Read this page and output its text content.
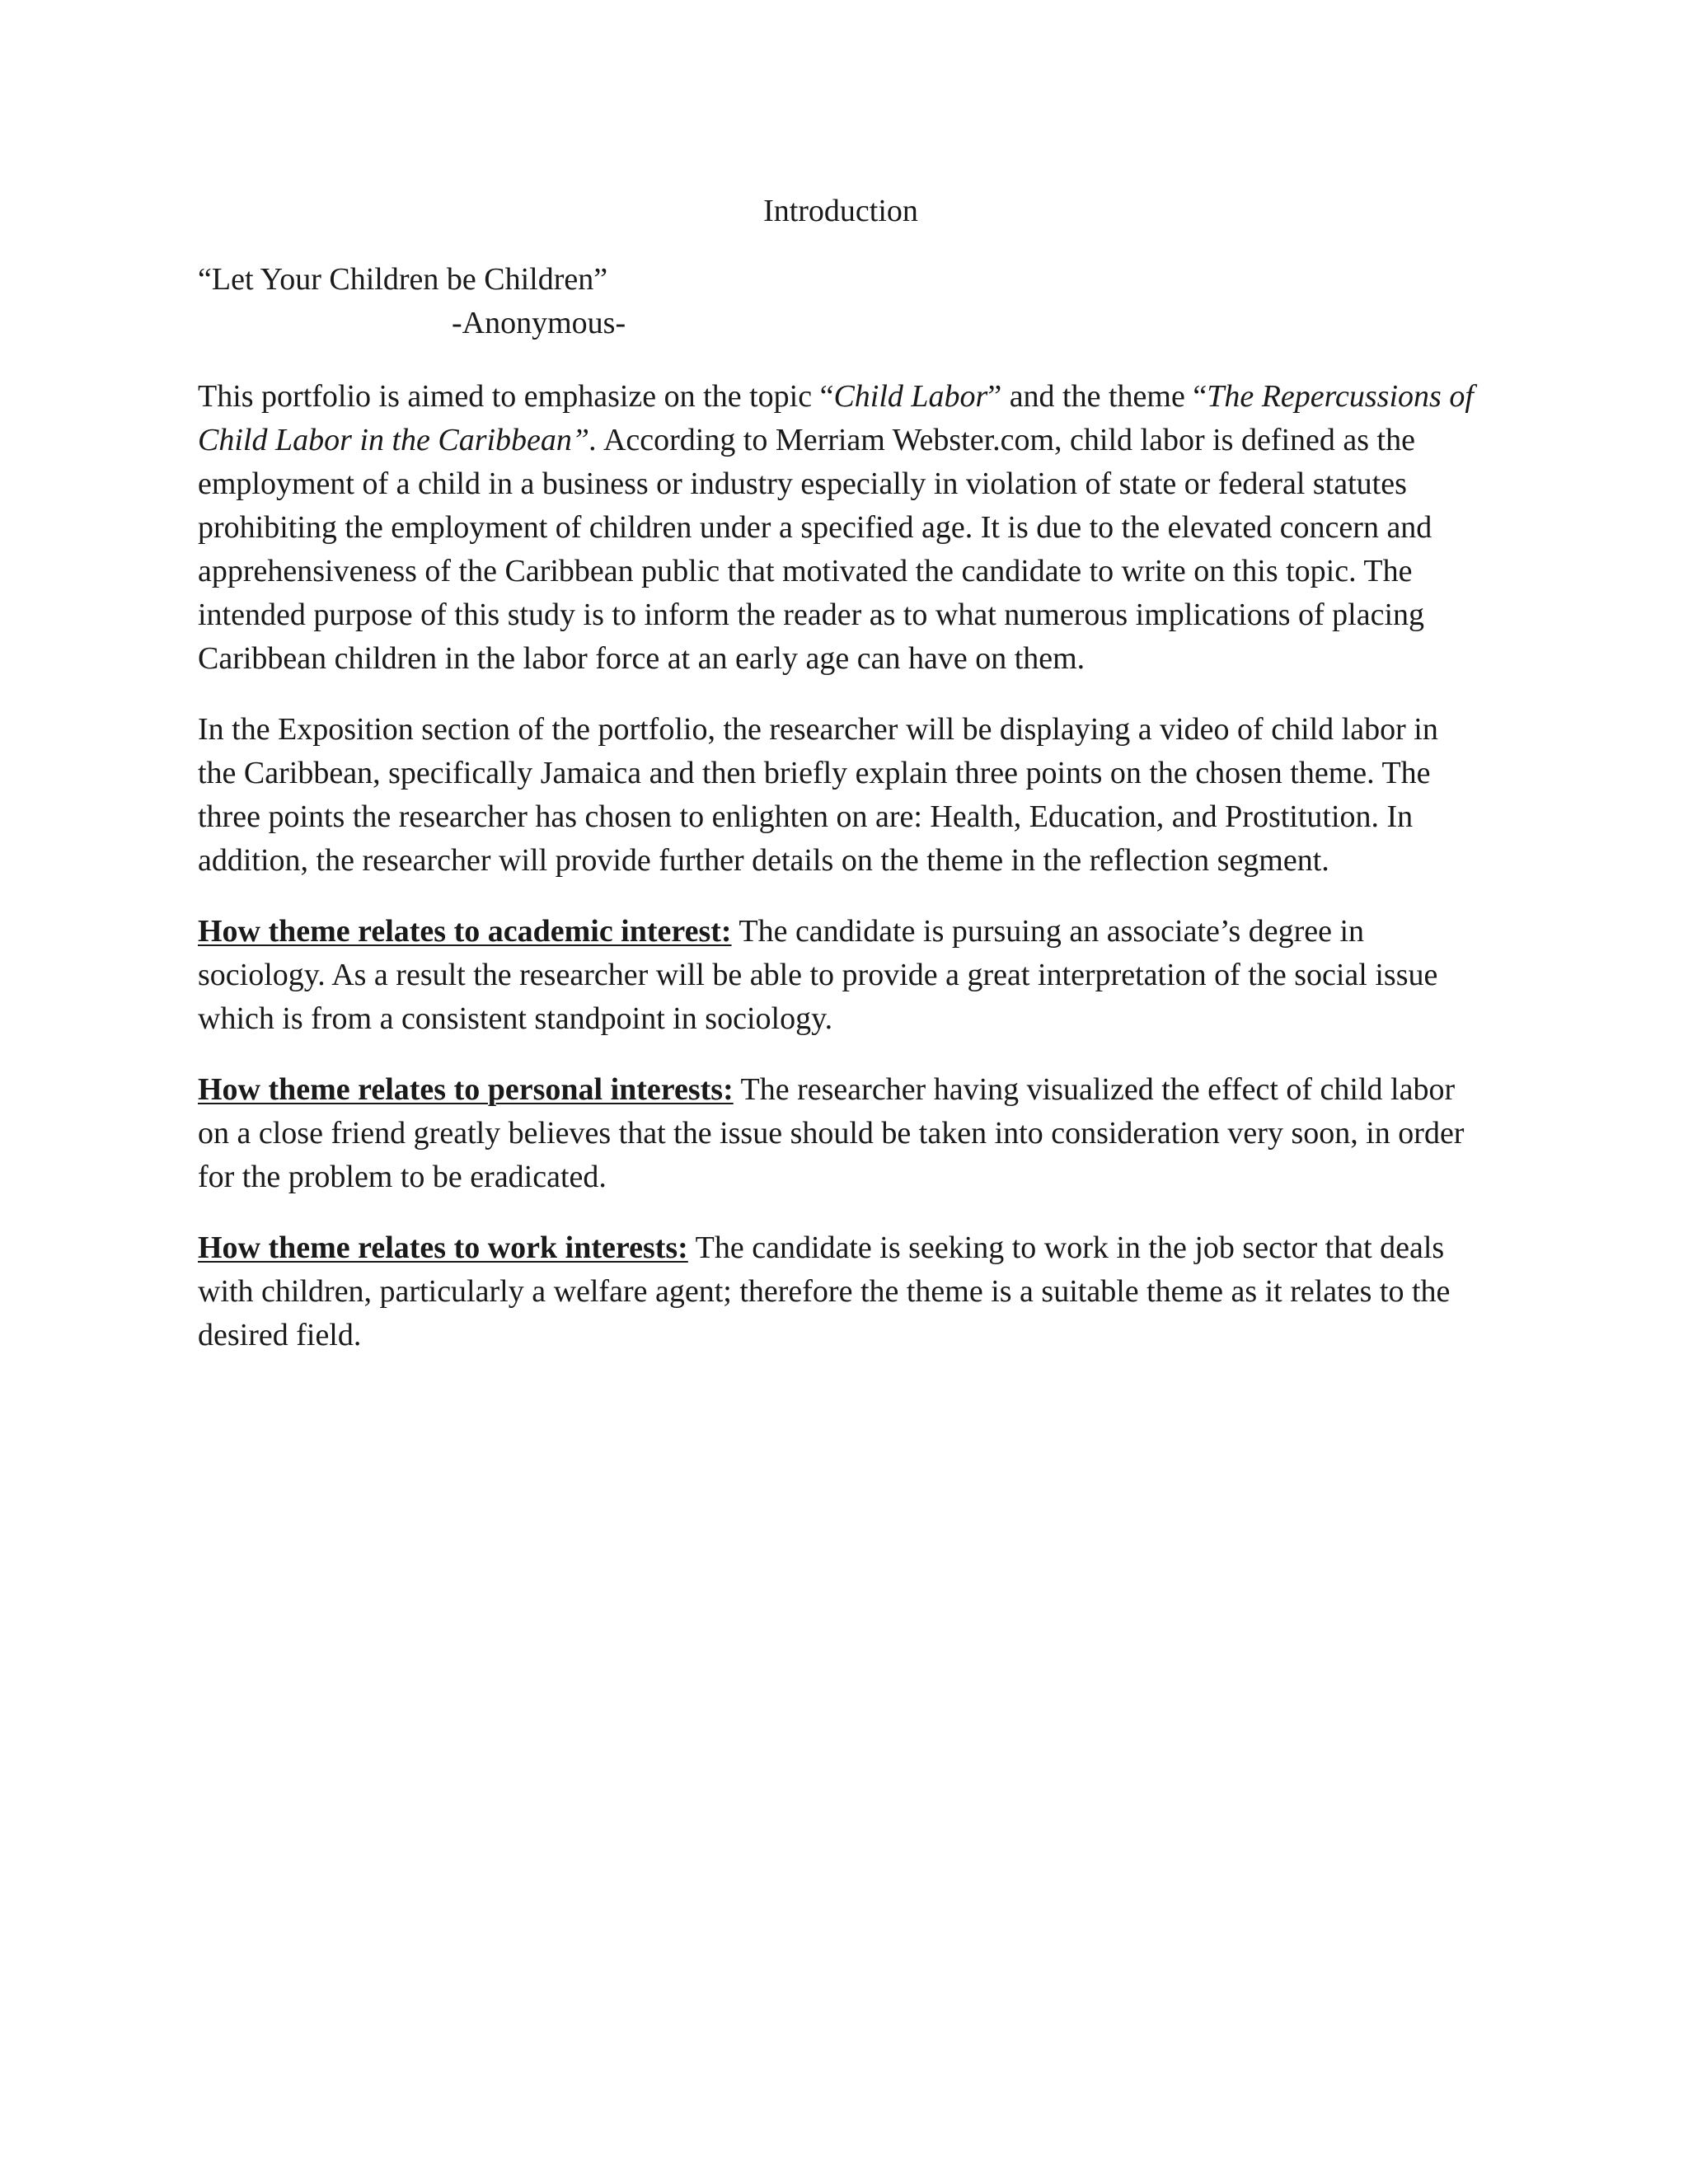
Introduction
“Let Your Children be Children”
-Anonymous-

This portfolio is aimed to emphasize on the topic “Child Labor” and the theme “The Repercussions of Child Labor in the Caribbean”. According to Merriam Webster.com, child labor is defined as the employment of a child in a business or industry especially in violation of state or federal statutes prohibiting the employment of children under a specified age. It is due to the elevated concern and apprehensiveness of the Caribbean public that motivated the candidate to write on this topic. The intended purpose of this study is to inform the reader as to what numerous implications of placing Caribbean children in the labor force at an early age can have on them.

In the Exposition section of the portfolio, the researcher will be displaying a video of child labor in the Caribbean, specifically Jamaica and then briefly explain three points on the chosen theme. The three points the researcher has chosen to enlighten on are: Health, Education, and Prostitution. In addition, the researcher will provide further details on the theme in the reflection segment.

How theme relates to academic interest: The candidate is pursuing an associate’s degree in sociology. As a result the researcher will be able to provide a great interpretation of the social issue which is from a consistent standpoint in sociology.

How theme relates to personal interests: The researcher having visualized the effect of child labor on a close friend greatly believes that the issue should be taken into consideration very soon, in order for the problem to be eradicated.

How theme relates to work interests: The candidate is seeking to work in the job sector that deals with children, particularly a welfare agent; therefore the theme is a suitable theme as it relates to the desired field.
